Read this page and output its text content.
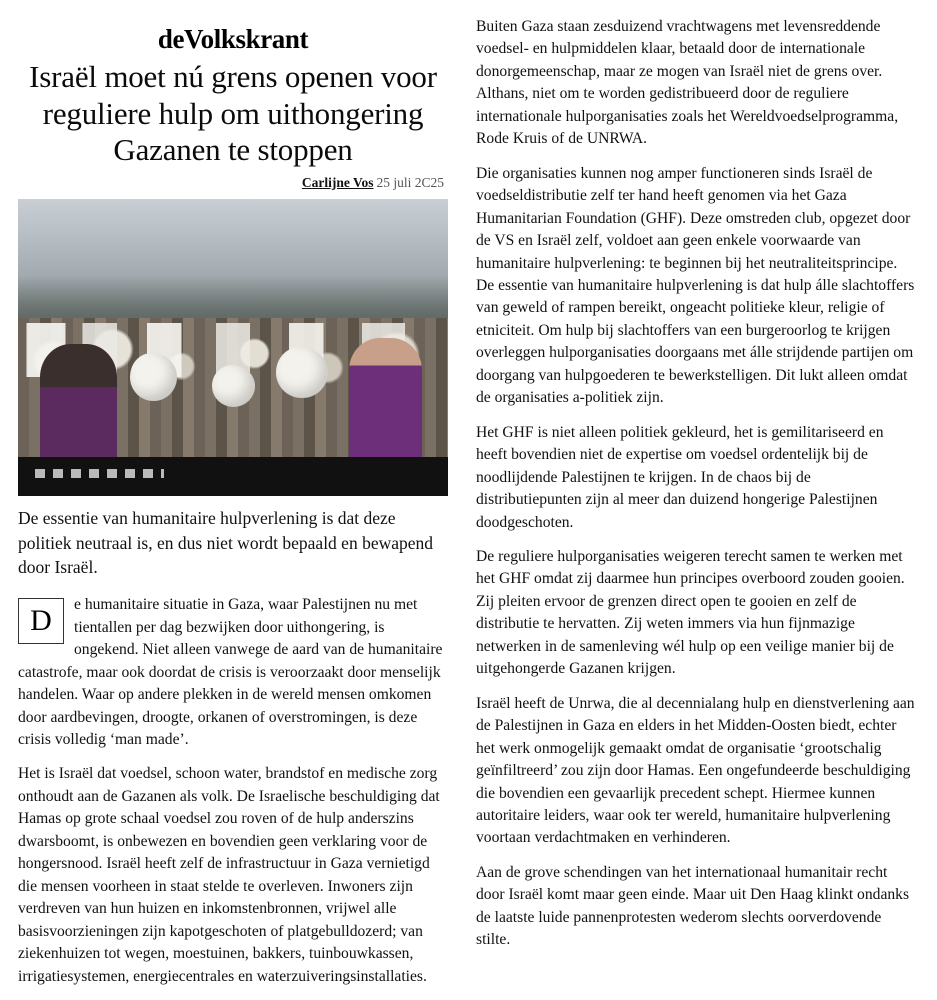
deVolkskrant
Israël moet nú grens openen voor reguliere hulp om uithongering Gazanen te stoppen
Carlijne Vos 25 juli 2C25
De essentie van humanitaire hulpverlening is dat deze politiek neutraal is, en dus niet wordt bepaald en bewapend door Israël.

D	e humanitaire situatie in Gaza, waar Palestijnen nu met tientallen per dag bezwijken door uithongering, is ongekend. Niet alleen vanwege de aard van de humanitaire catastrofe, maar ook doordat de crisis is veroorzaakt door menselijk handelen. Waar op andere plekken in de wereld mensen omkomen door aardbevingen, droogte, orkanen of overstromingen, is deze crisis volledig ‘man made’.

Het is Israël dat voedsel, schoon water, brandstof en medische zorg onthoudt aan de Gazanen als volk. De Israelische beschuldiging dat Hamas op grote schaal voedsel zou roven of de hulp anderszins dwarsboomt, is onbewezen en bovendien geen verklaring voor de hongersnood. Israël heeft zelf de infrastructuur in Gaza vernietigd die mensen voorheen in staat stelde te overleven. Inwoners zijn verdreven van hun huizen en inkomstenbronnen, vrijwel alle basisvoorzieningen zijn kapotgeschoten of platgebulldozerd; van ziekenhuizen tot wegen, moestuinen, bakkers, tuinbouwkassen, irrigatiesystemen, energiecentrales en waterzuiveringsinstallaties.

Buiten Gaza staan zesduizend vrachtwagens met levensreddende voedsel- en hulpmiddelen klaar, betaald door de internationale donorgemeenschap, maar ze mogen van Israël niet de grens over. Althans, niet om te worden gedistribueerd door de reguliere internationale hulporganisaties zoals het Wereldvoedselprogramma, Rode Kruis of de UNRWA.

Die organisaties kunnen nog amper functioneren sinds Israël de voedseldistributie zelf ter hand heeft genomen via het Gaza Humanitarian Foundation (GHF). Deze omstreden club, opgezet door de VS en Israël zelf, voldoet aan geen enkele voorwaarde van humanitaire hulpverlening: te beginnen bij het neutraliteitsprincipe. De essentie van humanitaire hulpverlening is dat hulp álle slachtoffers van geweld of rampen bereikt, ongeacht politieke kleur, religie of etniciteit. Om hulp bij slachtoffers van een burgeroorlog te krijgen overleggen hulporganisaties doorgaans met álle strijdende partijen om doorgang van hulpgoederen te bewerkstelligen. Dit lukt alleen omdat de organisaties a-politiek zijn.

Het GHF is niet alleen politiek gekleurd, het is gemilitariseerd en heeft bovendien niet de expertise om voedsel ordentelijk bij de noodlijdende Palestijnen te krijgen. In de chaos bij de distributiepunten zijn al meer dan duizend hongerige Palestijnen doodgeschoten.

De reguliere hulporganisaties weigeren terecht samen te werken met het GHF omdat zij daarmee hun principes overboord zouden gooien. Zij pleiten ervoor de grenzen direct open te gooien en zelf de distributie te hervatten. Zij weten immers via hun fijnmazige netwerken in de samenleving wél hulp op een veilige manier bij de uitgehongerde Gazanen krijgen.

Israël heeft de Unrwa, die al decennialang hulp en dienstverlening aan de Palestijnen in Gaza en elders in het Midden-Oosten biedt, echter het werk onmogelijk gemaakt omdat de organisatie ‘grootschalig geïnfiltreerd’ zou zijn door Hamas. Een ongefundeerde beschuldiging die bovendien een gevaarlijk precedent schept. Hiermee kunnen autoritaire leiders, waar ook ter wereld, humanitaire hulpverlening voortaan verdachtmaken en verhinderen.

Aan de grove schendingen van het internationaal humanitair recht door Israël komt maar geen einde. Maar uit Den Haag klinkt ondanks de laatste luide pannenprotesten wederom slechts oorverdovende stilte.
